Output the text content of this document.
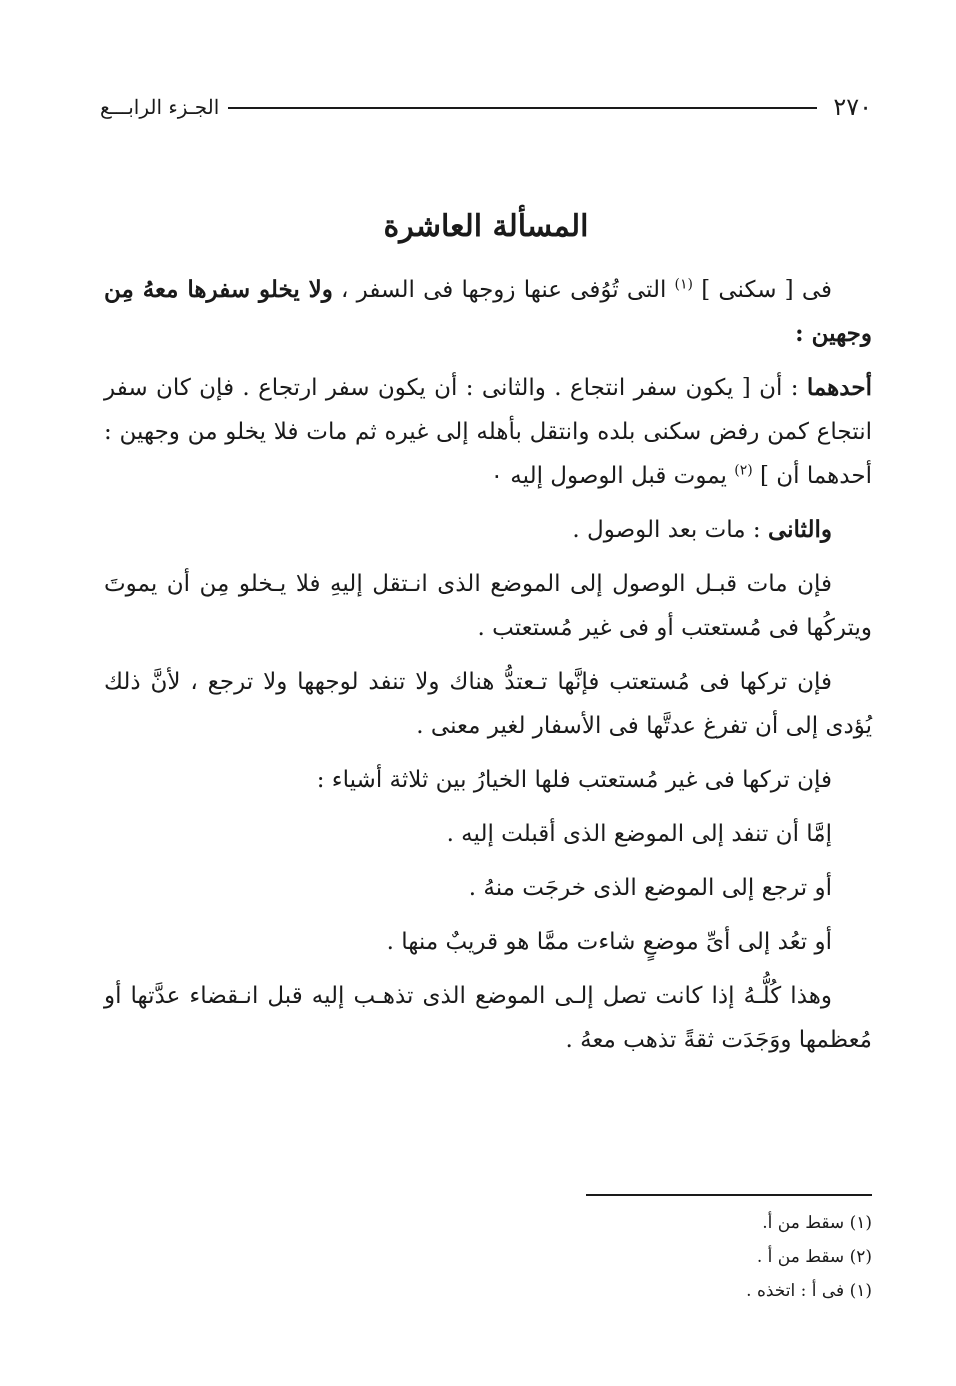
٢٧٠
الجـزء الرابـــع
المسألة العاشرة

فى [ سكنى ] $^{(١)}$ التى تُوُفى عنها زوجها فى السفر ، ولا يخلو سفرها معهُ مِن وجهين :

أحدهما : أن [ يكون سفر انتجاع . والثانى : أن يكون سفر ارتجاع . فإن كان سفر انتجاع كمن رفض سكنى بلده وانتقل بأهله إلى غيره ثم مات فلا يخلو من وجهين : أحدهما أن ] $^{(٢)}$ يموت قبل الوصول إليه ٠

والثانى : مات بعد الوصول .

فإن مات قبـل الوصول إلى الموضع الذى انـتقل إليهِ فلا يـخلو مِن أن يموتَ ويتركُها فى مُستعتب أو فى غير مُستعتب .

فإن تركها فى مُستعتب فإنَّها تـعتدُّ هناك ولا تنفد لوجهها ولا ترجع ، لأنَّ ذلك يُؤدى إلى أن تفرغ عدتَّها فى الأسفار لغير معنى .

فإن تركها فى غير مُستعتب فلها الخيارُ بين ثلاثة أشياء :

إمَّا أن تنفد إلى الموضع الذى أقبلت إليه .

أو ترجع إلى الموضع الذى خرجَت منهُ .

أو تعُد إلى أىِّ موضعٍ شاءت ممَّا هو قريبٌ منها .

وهذا كُلُّـهُ إذا كانت تصل إلـى الموضع الذى تذهـب إليه قبل انـقضاء عدَّتها أو مُعظمها ووَجَدَت ثقةً تذهب معهُ .

(١) سقط من أ.
(٢) سقط من أ .
(١) فى أ : اتخذه .
